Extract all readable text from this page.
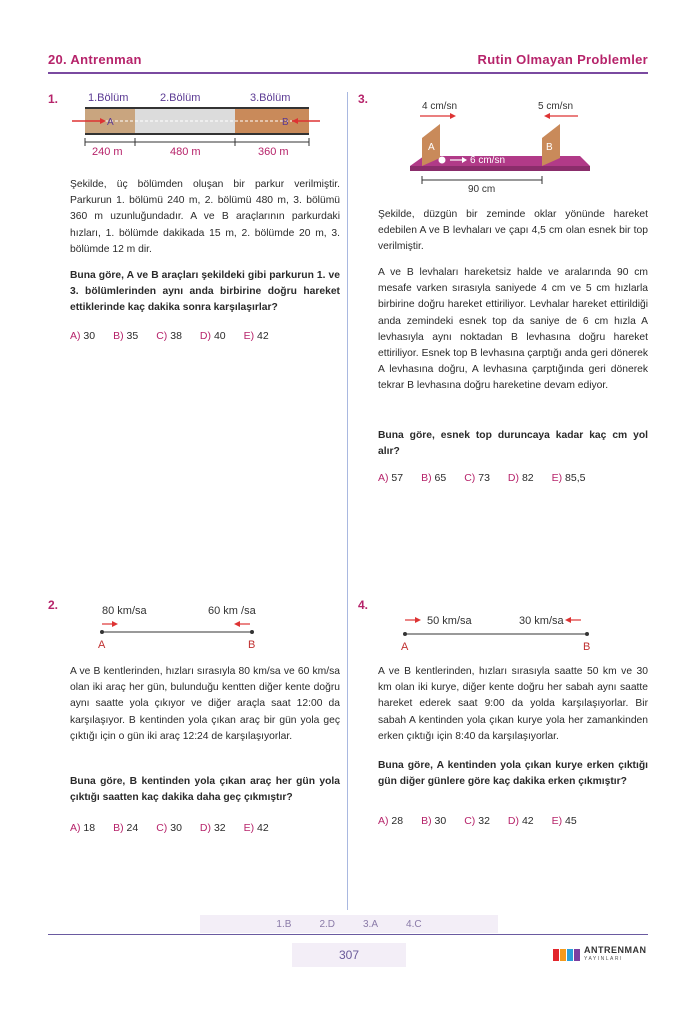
20. Antrenman	Rutin Olmayan Problemler
1.	1.Bölüm	2.Bölüm	3.Bölüm
A	B
240 m	480 m	360 m
Şekilde, üç bölümden oluşan bir parkur verilmiştir. Parkurun 1. bölümü 240 m, 2. bölümü 480 m, 3. bölümü 360 m uzunluğundadır. A ve B araçlarının parkurdaki hızları, 1. bölümde dakikada 15 m, 2. bölümde 20 m, 3. bölümde 12 m dir.
Buna göre, A ve B araçları şekildeki gibi parkurun 1. ve 3. bölümlerinden aynı anda birbirine doğru hareket ettiklerinde kaç dakika sonra karşılaşırlar?
A) 30 B) 35 C) 38 D) 40 E) 42
3.
4 cm/sn	5 cm/sn
A	B
6 cm/sn
90 cm
Şekilde, düzgün bir zeminde oklar yönünde hareket edebilen A ve B levhaları ve çapı 4,5 cm olan esnek bir top verilmiştir.
A ve B levhaları hareketsiz halde ve aralarında 90 cm mesafe varken sırasıyla saniyede 4 cm ve 5 cm hızlarla birbirine doğru hareket ettiriliyor. Levhalar hareket ettirildiği anda zemindeki esnek top da saniye de 6 cm hızla A levhasıyla aynı noktadan B levhasına doğru hareket ettiriliyor. Esnek top B levhasına çarptığı anda geri dönerek A levhasına doğru, A levhasına çarptığında geri dönerek tekrar B levhasına doğru hareketine devam ediyor.
Buna göre, esnek top duruncaya kadar kaç cm yol alır?
A) 57 B) 65 C) 73 D) 82 E) 85,5
2.	80 km/sa	60 km /sa
A	B
A ve B kentlerinden, hızları sırasıyla 80 km/sa ve 60 km/sa olan iki araç her gün, bulunduğu kentten diğer kente doğru aynı saatte yola çıkıyor ve diğer araçla saat 12:00 da karşılaşıyor. B kentinden yola çıkan araç bir gün yola geç çıktığı için o gün iki araç 12:24 de karşılaşıyorlar.
Buna göre, B kentinden yola çıkan araç her gün yola çıktığı saatten kaç dakika daha geç çıkmıştır?
A) 18 B) 24 C) 30 D) 32 E) 42
4.
50 km/sa	30 km/sa
A	B
A ve B kentlerinden, hızları sırasıyla saatte 50 km ve 30 km olan iki kurye, diğer kente doğru her sabah aynı saatte hareket ederek saat 9:00 da yolda karşılaşıyorlar. Bir sabah A kentinden yola çıkan kurye yola her zamankinden erken çıktığı için 8:40 da karşılaşıyorlar.
Buna göre, A kentinden yola çıkan kurye erken çıktığı gün diğer günlere göre kaç dakika erken çıkmıştır?
A) 28 B) 30 C) 32 D) 42 E) 45
1.B	2.D	3.A	4.C
307	ANTRENMAN
YAYINLARI
